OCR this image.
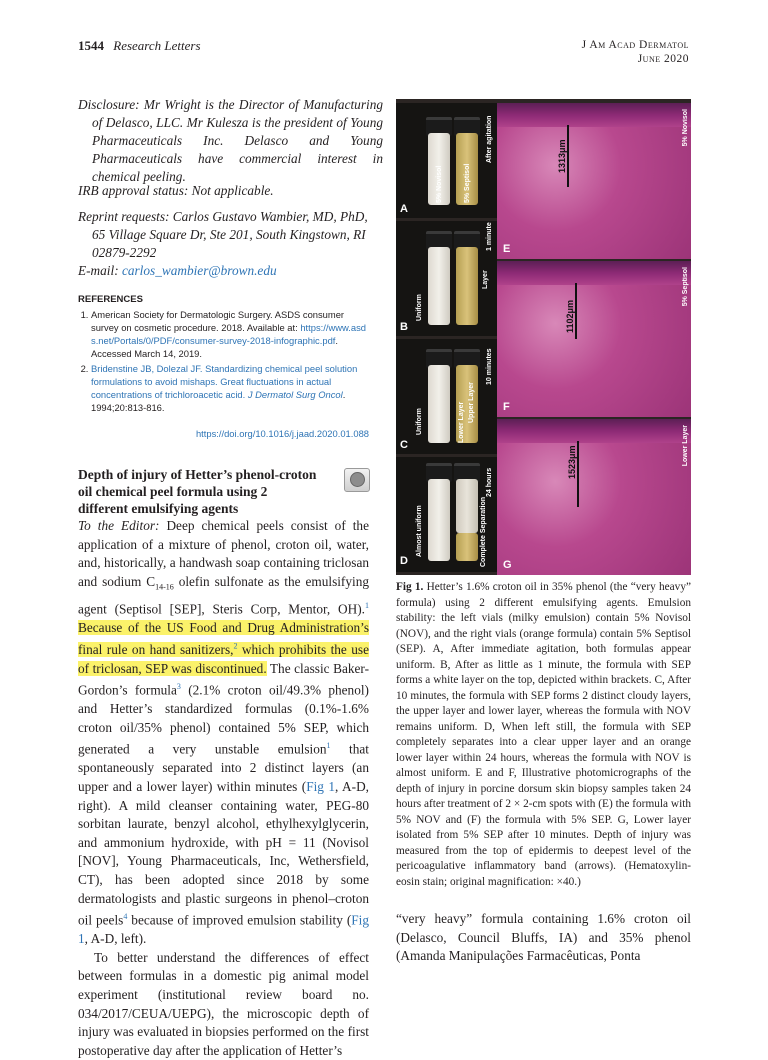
1544 Research Letters	J Am Acad Dermatol
June 2020
Disclosure: Mr Wright is the Director of Manufacturing of Delasco, LLC. Mr Kulesza is the president of Young Pharmaceuticals Inc. Delasco and Young Pharmaceuticals have commercial interest in chemical peeling.
IRB approval status: Not applicable.
Reprint requests: Carlos Gustavo Wambier, MD, PhD, 65 Village Square Dr, Ste 201, South Kingstown, RI 02879-2292
E-mail: carlos_wambier@brown.edu
REFERENCES
1. American Society for Dermatologic Surgery. ASDS consumer survey on cosmetic procedure. 2018. Available at: https://www.asds.net/Portals/0/PDF/consumer-survey-2018-infographic.pdf. Accessed March 14, 2019.
2. Bridenstine JB, Dolezal JF. Standardizing chemical peel solution formulations to avoid mishaps. Great fluctuations in actual concentrations of trichloroacetic acid. J Dermatol Surg Oncol. 1994;20:813-816.
https://doi.org/10.1016/j.jaad.2020.01.088
Depth of injury of Hetter’s phenol-croton oil chemical peel formula using 2 different emulsifying agents

To the Editor: Deep chemical peels consist of the application of a mixture of phenol, croton oil, water, and, historically, a handwash soap containing triclosan and sodium $C_{14-16}$ olefin sulfonate as the emulsifying agent (Septisol [SEP], Steris Corp, Mentor, OH).$^1$ Because of the US Food and Drug Administration’s final rule on hand sanitizers,$^2$ which prohibits the use of triclosan, SEP was discontinued. The classic Baker-Gordon’s formula$^3$ (2.1% croton oil/49.3% phenol) and Hetter’s standardized formulas (0.1%-1.6% croton oil/35% phenol) contained 5% SEP, which generated a very unstable emulsion$^1$ that spontaneously separated into 2 distinct layers (an upper and a lower layer) within minutes (Fig 1, A-D, right). A mild cleanser containing water, PEG-80 sorbitan laurate, benzyl alcohol, ethylhexylglycerin, and ammonium hydroxide, with pH = 11 (Novisol [NOV], Young Pharmaceuticals, Inc, Wethersfield, CT), has been adopted since 2018 by some dermatologists and plastic surgeons in phenol–croton oil peels$^4$ because of improved emulsion stability (Fig 1, A-D, left).

To better understand the differences of effect between formulas in a domestic pig animal model experiment (institutional review board no. 034/2017/CEUA/UEPG), the microscopic depth of injury was evaluated in biopsies performed on the first postoperative day after the application of Hetter’s

5% Novisol	5% Septisol
After agitation
A
Uniform
Layer
1 minute
B
Uniform	Lower Layer Upper Layer
10 minutes
C
Almost uniform	Complete Separation
24 hours
D
1313μm
5% Novisol
E
1102μm
5% Septisol
F
1523μm	Lower Layer
G
Fig 1. Hetter’s 1.6% croton oil in 35% phenol (the “very heavy” formula) using 2 different emulsifying agents. Emulsion stability: the left vials (milky emulsion) contain 5% Novisol (NOV), and the right vials (orange formula) contain 5% Septisol (SEP). A, After immediate agitation, both formulas appear uniform. B, After as little as 1 minute, the formula with SEP forms a white layer on the top, depicted within brackets. C, After 10 minutes, the formula with SEP forms 2 distinct cloudy layers, the upper layer and lower layer, whereas the formula with NOV remains uniform. D, When left still, the formula with SEP completely separates into a clear upper layer and an orange lower layer within 24 hours, whereas the formula with NOV is almost uniform. E and F, Illustrative photomicrographs of the depth of injury in porcine dorsum skin biopsy samples taken 24 hours after treatment of 2 × 2-cm spots with (E) the formula with 5% NOV and (F) the formula with 5% SEP. G, Lower layer isolated from 5% SEP after 10 minutes. Depth of injury was measured from the top of epidermis to deepest level of the pericoagulative inflammatory band (arrows). (Hematoxylin-eosin stain; original magnification: ×40.)
“very heavy” formula containing 1.6% croton oil (Delasco, Council Bluffs, IA) and 35% phenol (Amanda Manipulações Farmacêuticas, Ponta
